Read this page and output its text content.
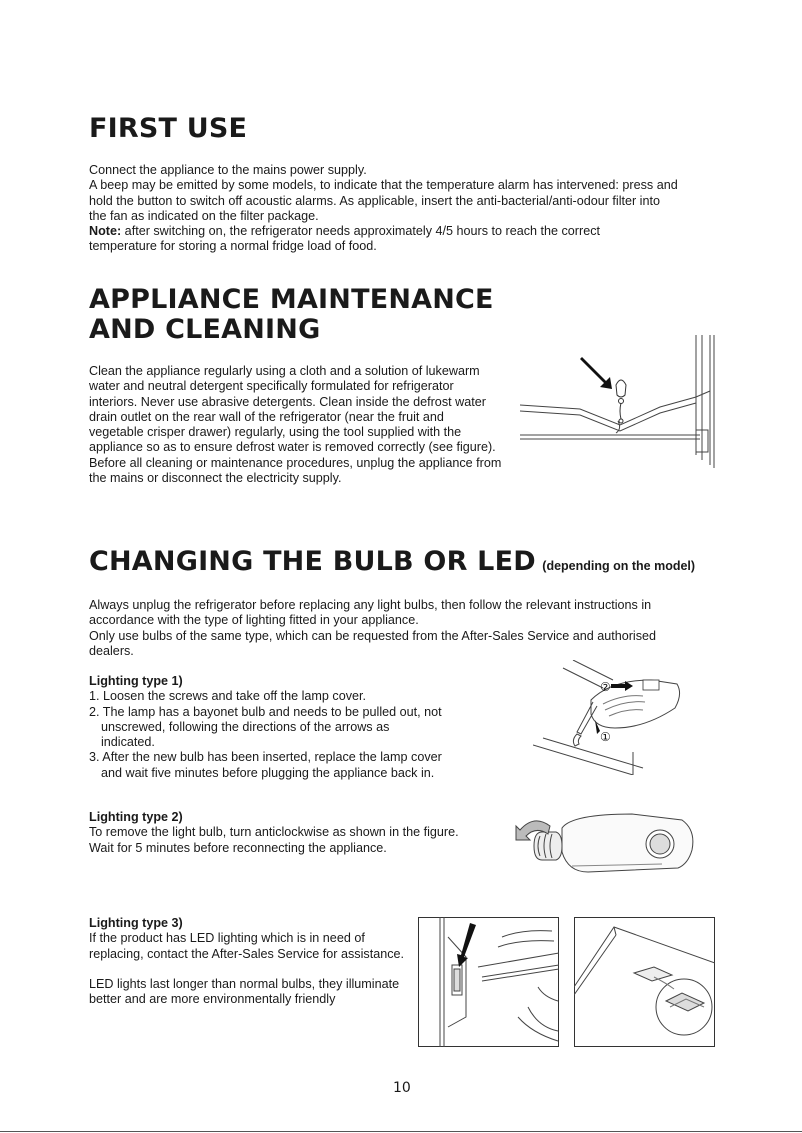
FIRST USE

Connect the appliance to the mains power supply.

A beep may be emitted by some models, to indicate that the temperature alarm has intervened: press and

hold the button to switch off acoustic alarms. As applicable, insert the anti-bacterial/anti-odour filter into

the fan as indicated on the filter package.

Note: after switching on, the refrigerator needs approximately 4/5 hours to reach the correct

temperature for storing a normal fridge load of food.

APPLIANCE MAINTENANCE
AND CLEANING

Clean the appliance regularly using a cloth and a solution of lukewarm

water and neutral detergent specifically formulated for refrigerator

interiors. Never use abrasive detergents. Clean inside the defrost water

drain outlet on the rear wall of the refrigerator (near the fruit and

vegetable crisper drawer) regularly, using the tool supplied with the

appliance so as to ensure defrost water is removed correctly (see figure).

Before all cleaning or maintenance procedures, unplug the appliance from

the mains or disconnect the electricity supply.

CHANGING THE BULB OR LED (depending on the model)

Always unplug the refrigerator before replacing any light bulbs, then follow the relevant instructions in

accordance with the type of lighting fitted in your appliance.

Only use bulbs of the same type, which can be requested from the After-Sales Service and authorised

dealers.

Lighting type 1)

1. Loosen the screws and take off the lamp cover.

2. The lamp has a bayonet bulb and needs to be pulled out, not

unscrewed, following the directions of the arrows as

indicated.

3. After the new bulb has been inserted, replace the lamp cover

and wait five minutes before plugging the appliance back in.

②
①

Lighting type 2)

To remove the light bulb, turn anticlockwise as shown in the figure.

Wait for 5 minutes before reconnecting the appliance.

Lighting type 3)

If the product has LED lighting which is in need of

replacing, contact the After-Sales Service for assistance.

LED lights last longer than normal bulbs, they illuminate

better and are more environmentally friendly

10
